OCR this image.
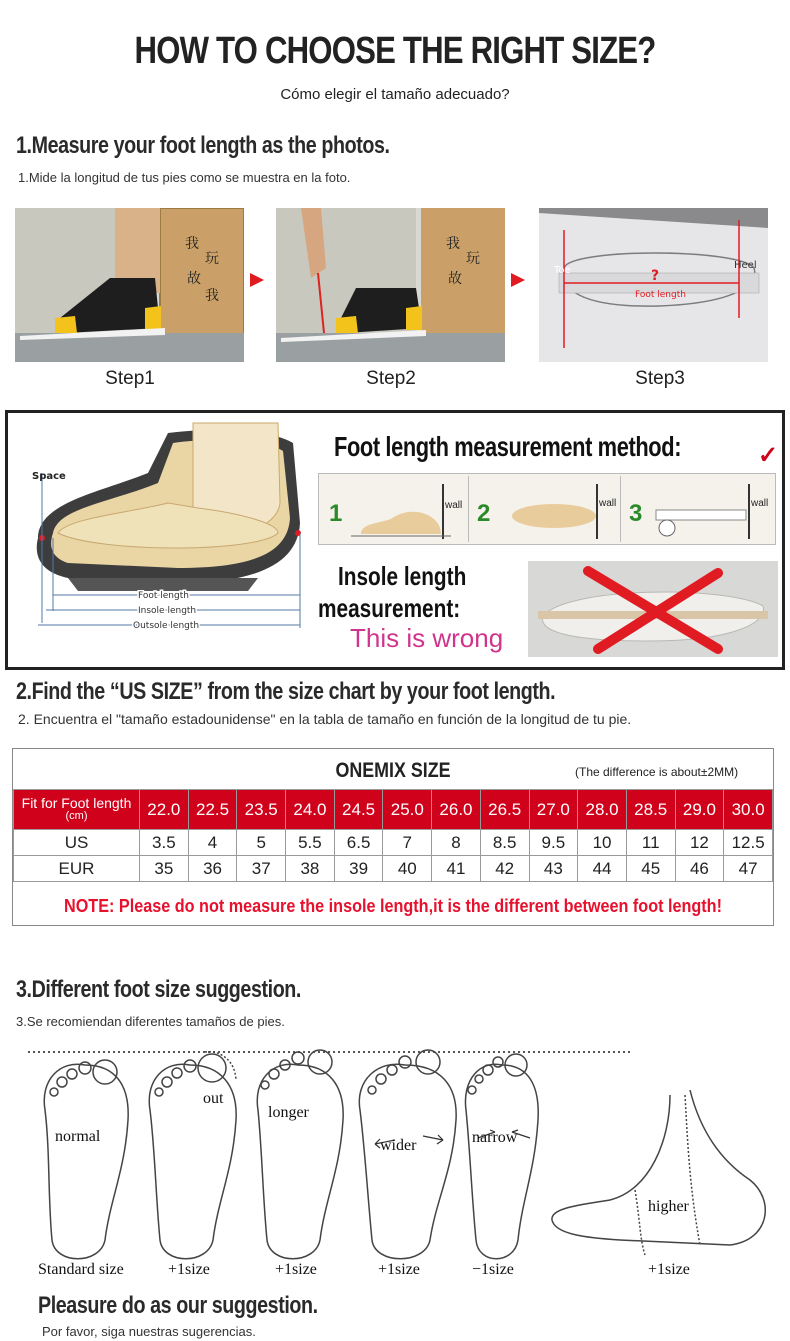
HOW TO CHOOSE THE RIGHT SIZE?
Cómo elegir el tamaño adecuado?
1.Measure your foot length as the photos.
1.Mide la longitud de tus pies como se muestra en la foto.
我
玩
故
我
我
玩
故
Toe	Heel
?
Foot length
Step1	Step2	Step3
Space
Foot length
Insole length
Outsole length
Foot length measurement method:	✓
1	wall 2	wall 3	wall
Insole length
measurement:
This is wrong
2.Find the “US SIZE” from the size chart by your foot length.
2. Encuentra el "tamaño estadounidense" en la tabla de tamaño en función de la longitud de tu pie.
ONEMIX SIZE	(The difference is about±2MM)
Fit for Foot length
(cm)	22.0	22.5	23.5	24.0	24.5	25.0	26.0	26.5	27.0	28.0	28.5	29.0	30.0
US	3.5	4	5	5.5	6.5	7	8	8.5	9.5	10	11	12	12.5
EUR	35	36	37	38	39	40	41	42	43	44	45	46	47
NOTE: Please do not measure the insole length,it is the different between foot length!
3.Different foot size suggestion.
3.Se recomiendan diferentes tamaños de pies.
normal
out
longer
wider	narrow
higher
Standard size	+1size	+1size	+1size	−1size	+1size
Pleasure do as our suggestion.
Por favor, siga nuestras sugerencias.
